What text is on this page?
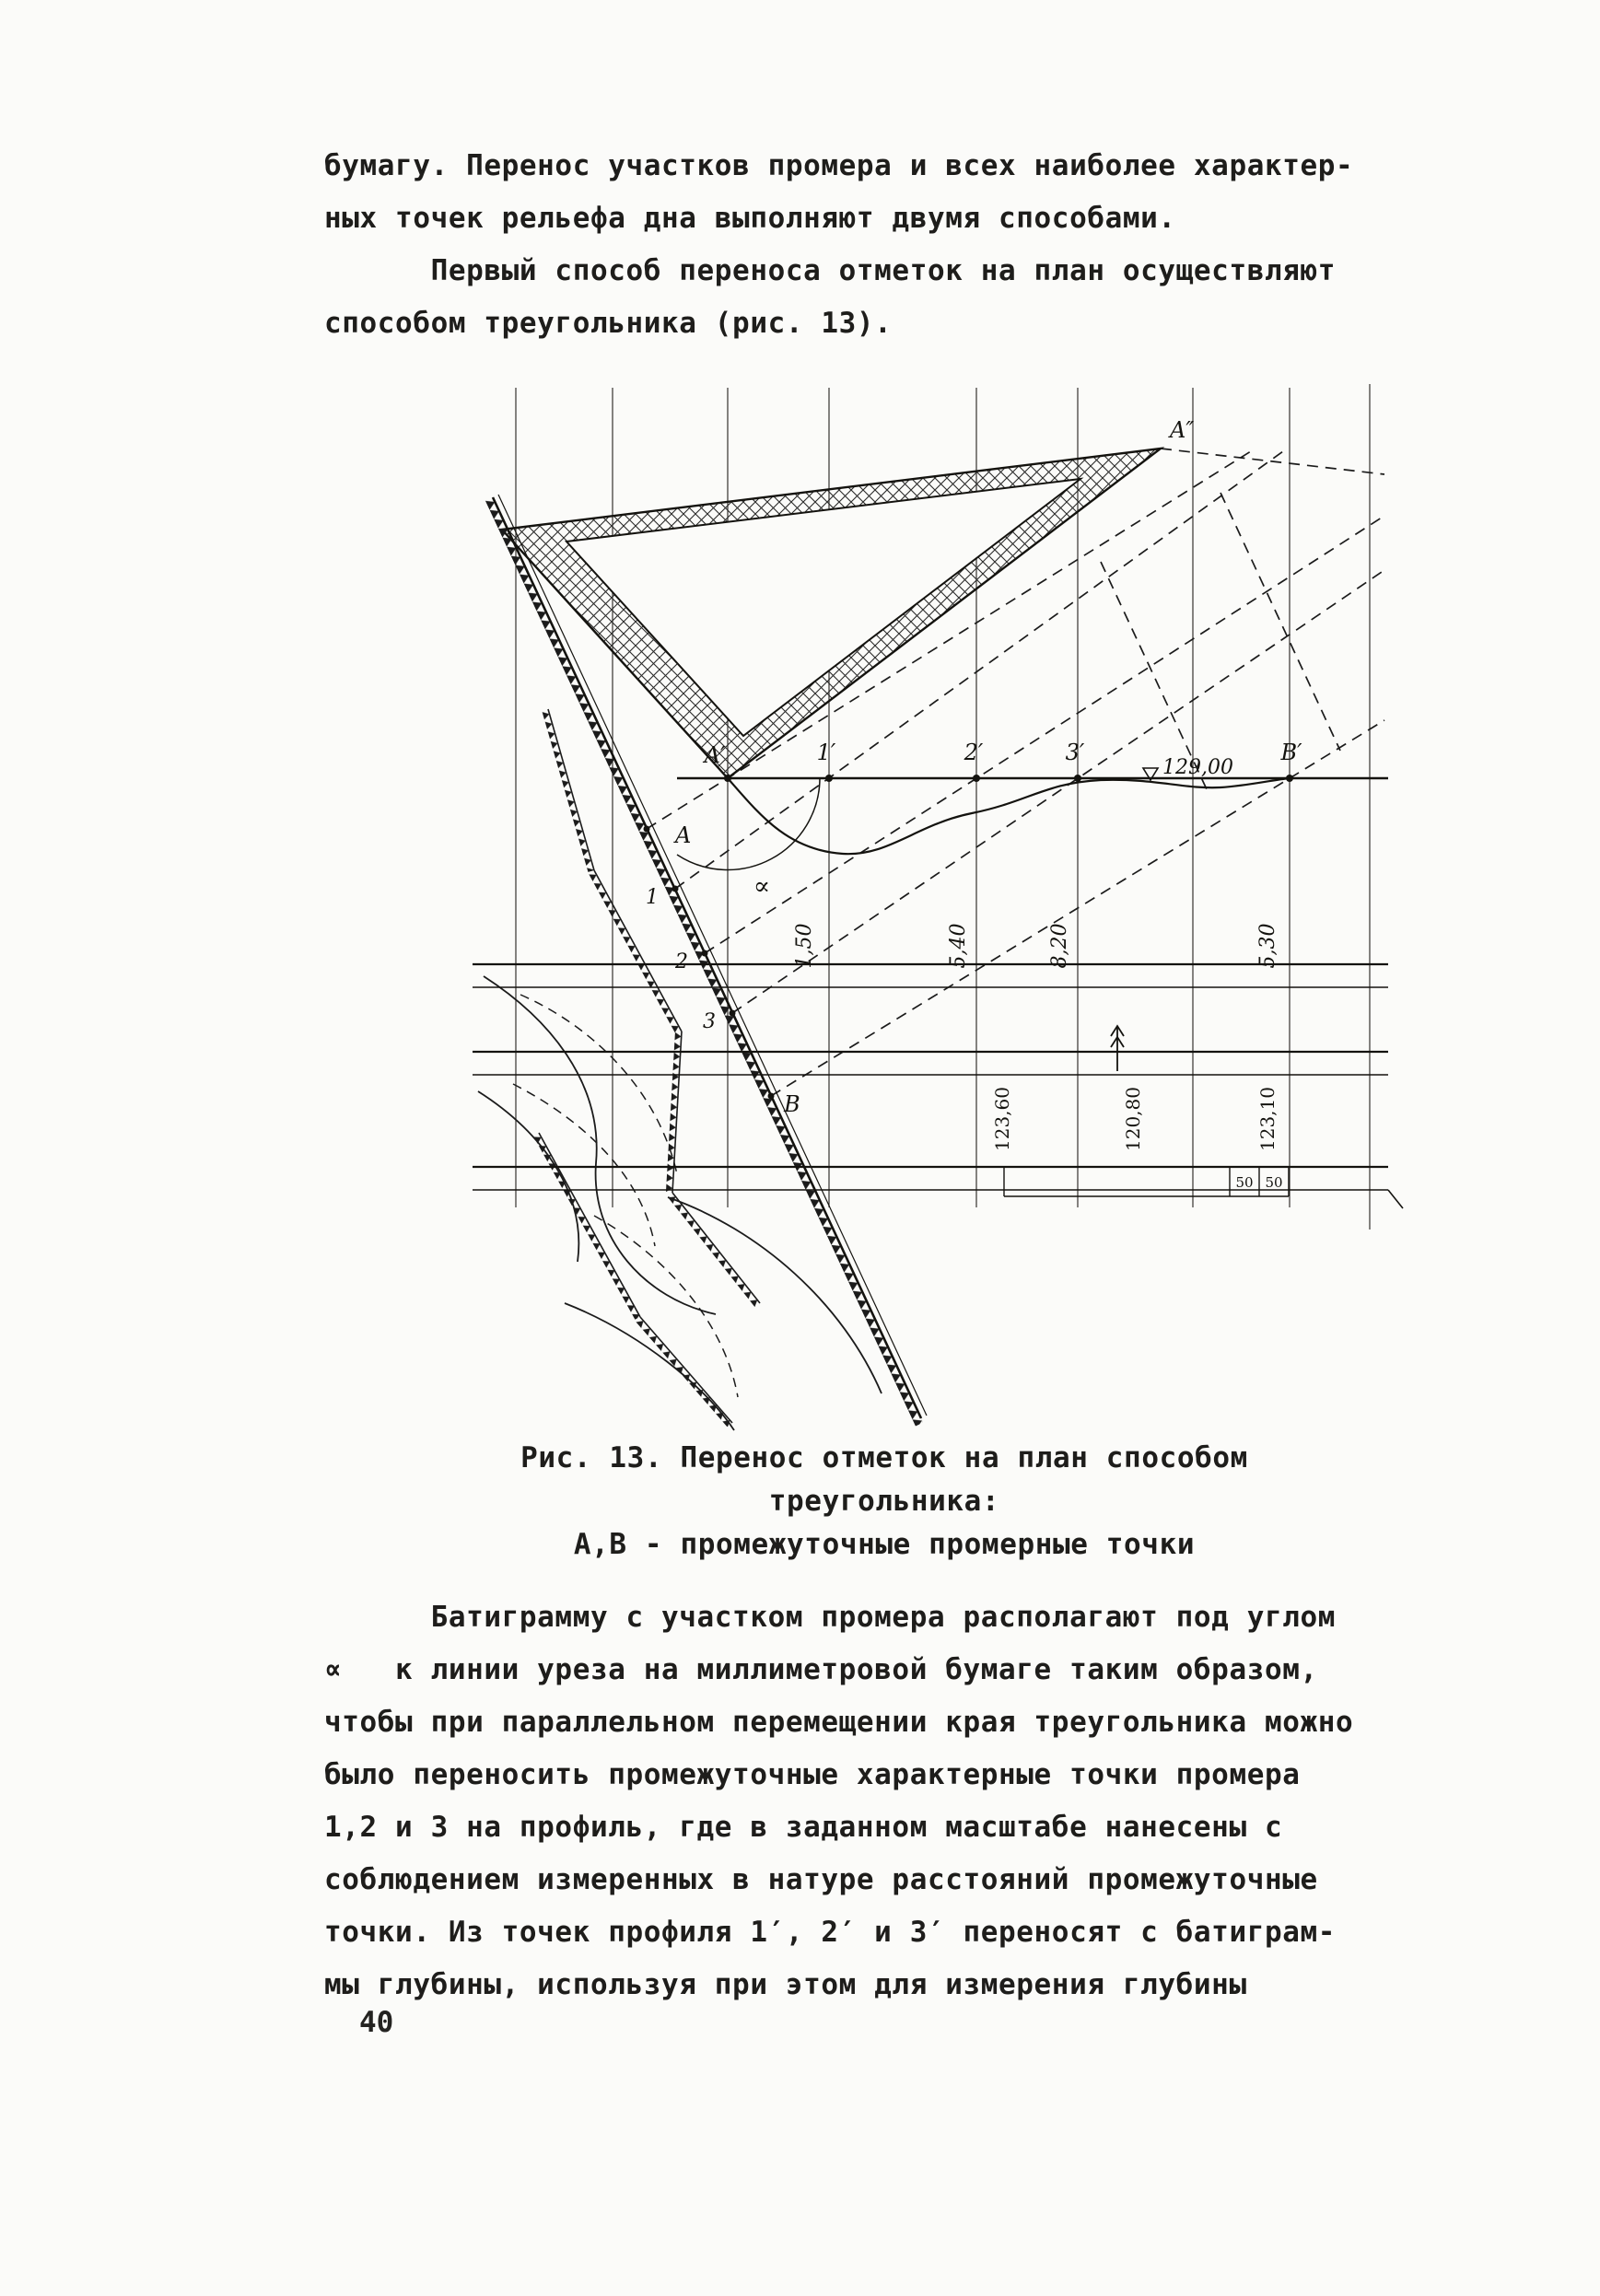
бумагу. Перенос участков промера и всех наиболее характер-
ных точек рельефа дна выполняют двумя способами.
Первый способ переноса отметок на план осуществляют
способом треугольника (рис. 13).
123,60	120,80	123,10
50 50
1,50	5,40	8,20	5,30
A″
A′	1′	2′	3′	B′
129,00
∝
A
1
2
3
B
Рис. 13. Перенос отметок на план способом
треугольника:
А,В - промежуточные промерные точки
Батиграмму с участком промера располагают под углом
∝   к линии уреза на миллиметровой бумаге таким образом,
чтобы при параллельном перемещении края треугольника можно
было переносить промежуточные характерные точки промера
1,2 и 3 на профиль, где в заданном масштабе нанесены с
соблюдением измеренных в натуре расстояний промежуточные
точки. Из точек профиля 1′, 2′ и 3′ переносят с батиграм-
мы глубины, используя при этом для измерения глубины
40
